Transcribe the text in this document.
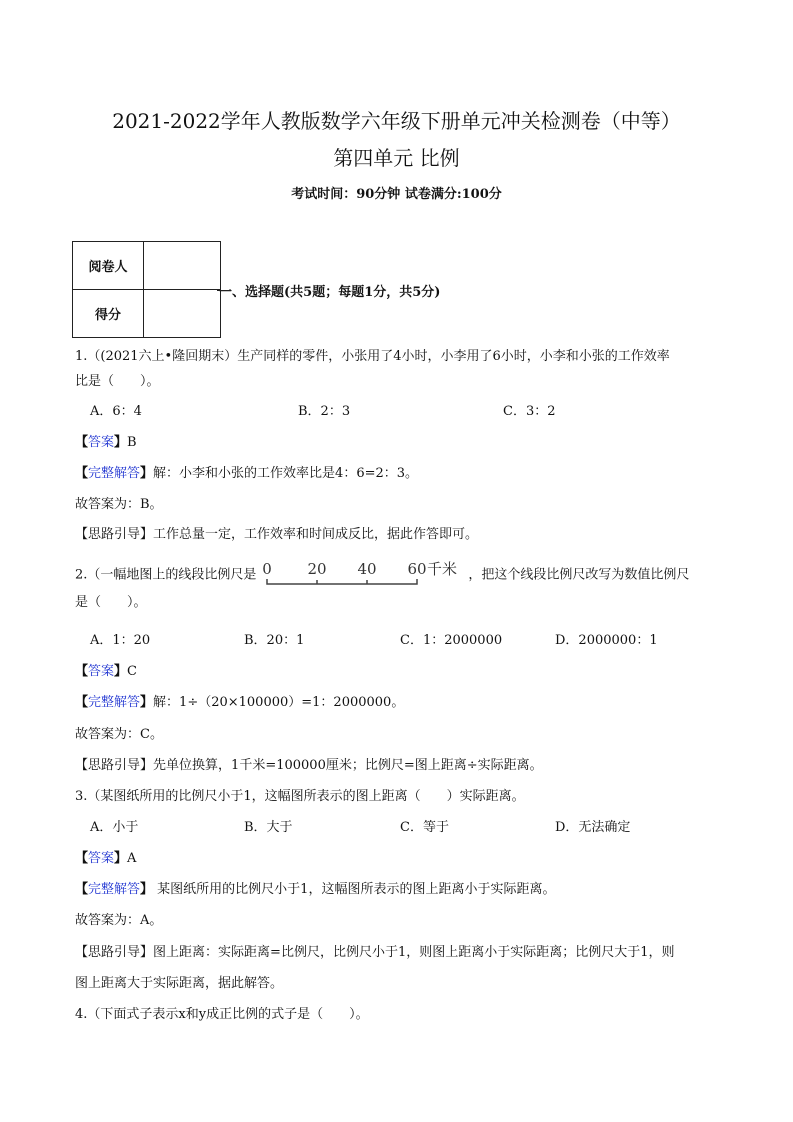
2021-2022学年人教版数学六年级下册单元冲关检测卷（中等）
第四单元 比例
考试时间：90分钟 试卷满分:100分
阅卷人	
得分	
一、选择题(共5题；每题1分，共5分)
1.（(2021六上•隆回期末）生产同样的零件，小张用了4小时，小李用了6小时，小李和小张的工作效率
比是（　　）。
A．6：4	B．2：3	C．3：2
【 答案 】 B
【 完整解答 】 解：小李和小张的工作效率比是4：6=2：3。
故答案为：B。
【 思路引导 】 工作总量一定，工作效率和时间成反比，据此作答即可。
2.（一幅地图上的线段比例尺是 0 20 40 60 千米 ，把这个线段比例尺改写为数值比例尺
是（　　）。
A．1：20	B．20：1	C．1：2000000	D．2000000：1
【 答案 】 C
【 完整解答 】 解：1÷（20×100000）=1：2000000。
故答案为：C。
【 思路引导 】 先单位换算，1千米=100000厘米；比例尺=图上距离÷实际距离。
3.（某图纸所用的比例尺小于1，这幅图所表示的图上距离（　　）实际距离。
A．小于	B．大于	C．等于	D．无法确定
【 答案 】 A
【 完整解答 】 某图纸所用的比例尺小于1，这幅图所表示的图上距离小于实际距离。
故答案为：A。
【 思路引导 】 图上距离：实际距离=比例尺，比例尺小于1，则图上距离小于实际距离；比例尺大于1，则
图上距离大于实际距离，据此解答。
4.（下面式子表示x和y成正比例的式子是（　　）。
